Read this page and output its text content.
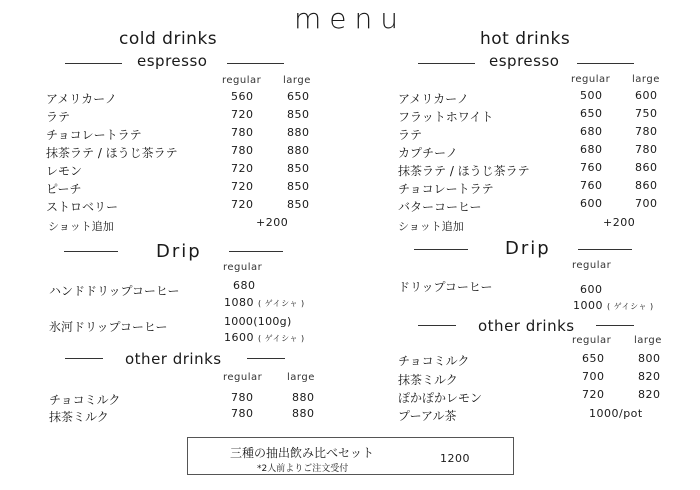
menu
cold drinks
espresso
regular large
アメリカーノ	560	650
ラテ	720	850
チョコレートラテ	780	880
抹茶ラテ / ほうじ茶ラテ	780	880
レモン	720	850
ピーチ	720	850
ストロベリー	720	850
ショット追加	+200
Drip
regular
ハンドドリップコーヒー	680
1080 ( ゲイシャ )
氷河ドリップコーヒー	1000(100g)
1600 ( ゲイシャ )
other drinks
regular large
チョコミルク	780	880
抹茶ミルク	780	880
hot drinks
espresso
regular large
アメリカーノ	500	600
フラットホワイト	650	750
ラテ	680	780
カプチーノ	680	780
抹茶ラテ / ほうじ茶ラテ	760	860
チョコレートラテ	760	860
バターコーヒー	600	700
ショット追加	+200
Drip
regular
ドリップコーヒー	600
1000 ( ゲイシャ )
other drinks
regular large
チョコミルク	650	800
抹茶ミルク	700	820
ぽかぽかレモン	720	820
プーアル茶	1000/pot
三種の抽出飲み比べセット
*2人前よりご注文受付
1200
